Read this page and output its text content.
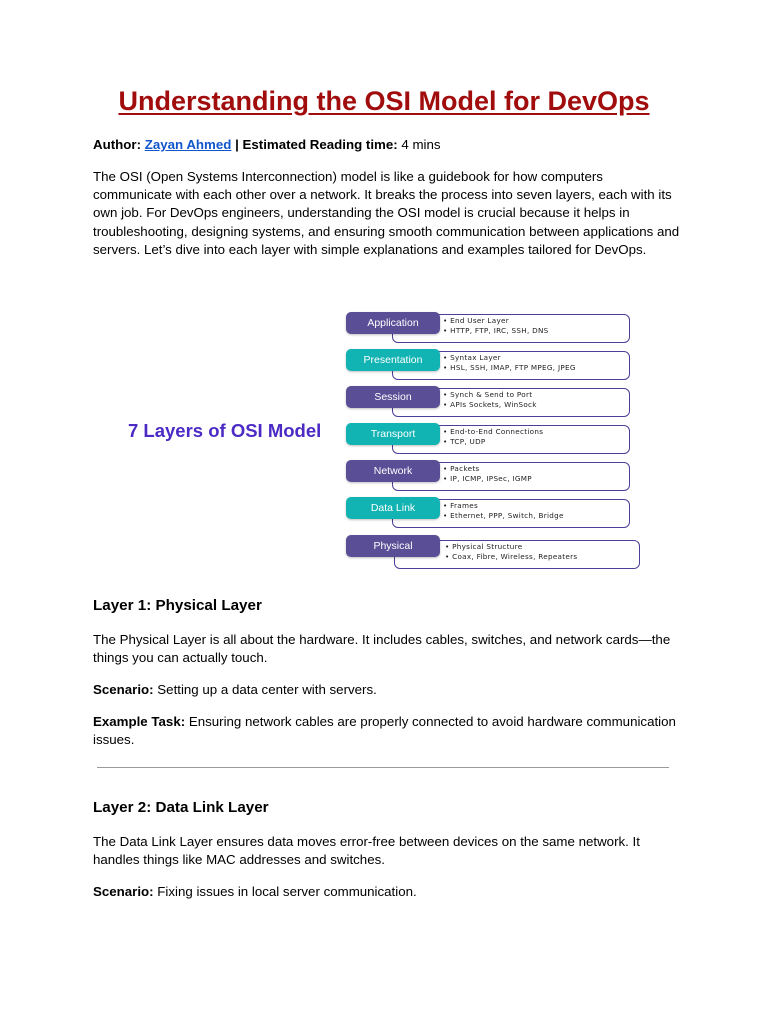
Understanding the OSI Model for DevOps
Author: Zayan Ahmed | Estimated Reading time: 4 mins
The OSI (Open Systems Interconnection) model is like a guidebook for how computers communicate with each other over a network. It breaks the process into seven layers, each with its own job. For DevOps engineers, understanding the OSI model is crucial because it helps in troubleshooting, designing systems, and ensuring smooth communication between applications and servers. Let’s dive into each layer with simple explanations and examples tailored for DevOps.
7 Layers of OSI Model
• End User Layer
• HTTP, FTP, IRC, SSH, DNS
Application
• Syntax Layer
• HSL, SSH, IMAP, FTP MPEG, JPEG
Presentation
• Synch & Send to Port
• APIs Sockets, WinSock
Session
• End-to-End Connections
• TCP, UDP
Transport
• Packets
• IP, ICMP, IPSec, IGMP
Network
• Frames
• Ethernet, PPP, Switch, Bridge
Data Link
• Physical Structure
• Coax, Fibre, Wireless, Repeaters
Physical
Layer 1: Physical Layer
The Physical Layer is all about the hardware. It includes cables, switches, and network cards—the things you can actually touch.
Scenario: Setting up a data center with servers.
Example Task: Ensuring network cables are properly connected to avoid hardware communication issues.
Layer 2: Data Link Layer
The Data Link Layer ensures data moves error-free between devices on the same network. It handles things like MAC addresses and switches.
Scenario: Fixing issues in local server communication.
